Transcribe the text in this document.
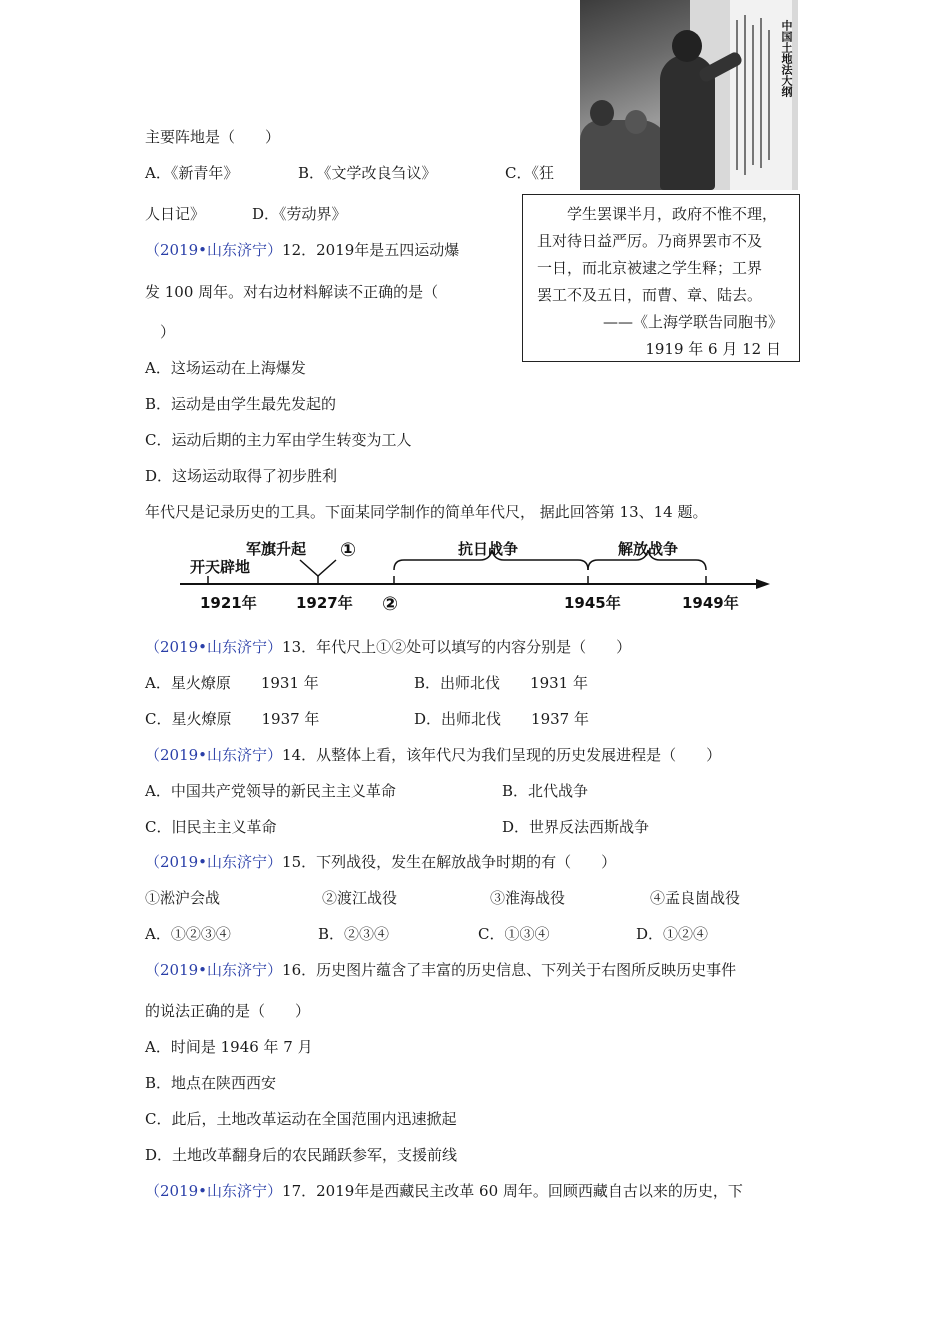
主要阵地是（　　）
A．《新青年》	B．《文学改良刍议》	C．《狂
人日记》	D．《劳动界》
中国土地法大纲
（2019•山东济宁）12．2019年是五四运动爆
发 100 周年。对右边材料解读不正确的是（
　）

学生罢课半月，政府不惟不理，

且对待日益严厉。乃商界罢市不及

一日，而北京被逮之学生释；工界

罢工不及五日，而曹、章、陆去。

——《上海学联告同胞书》

1919 年 6 月 12 日

A．这场运动在上海爆发
B．运动是由学生最先发起的
C．运动后期的主力军由学生转变为工人
D．这场运动取得了初步胜利
年代尺是记录历史的工具。下面某同学制作的简单年代尺， 据此回答第 13、14 题。
开天辟地
军旗升起 ①	抗日战争	解放战争
1921年	1927年 ②	1945年	1949年
（2019•山东济宁）13．年代尺上①②处可以填写的内容分别是（　　）
A．星火燎原　　1931 年	B．出师北伐　　1931 年
C．星火燎原　　1937 年	D．出师北伐　　1937 年
（2019•山东济宁）14．从整体上看，该年代尺为我们呈现的历史发展进程是（　　）
A．中国共产党领导的新民主主义革命	B．北代战争
C．旧民主主义革命	D．世界反法西斯战争
（2019•山东济宁）15．下列战役，发生在解放战争时期的有（　　）
①淞沪会战	②渡江战役	③淮海战役	④孟良崮战役
A．①②③④	B．②③④	C．①③④	D．①②④
（2019•山东济宁）16．历史图片蕴含了丰富的历史信息、下列关于右图所反映历史事件
的说法正确的是（　　）
A．时间是 1946 年 7 月
B．地点在陕西西安
C．此后，土地改革运动在全国范围内迅速掀起
D．土地改革翻身后的农民踊跃参军，支援前线
（2019•山东济宁）17．2019年是西藏民主改革 60 周年。回顾西藏自古以来的历史，下
